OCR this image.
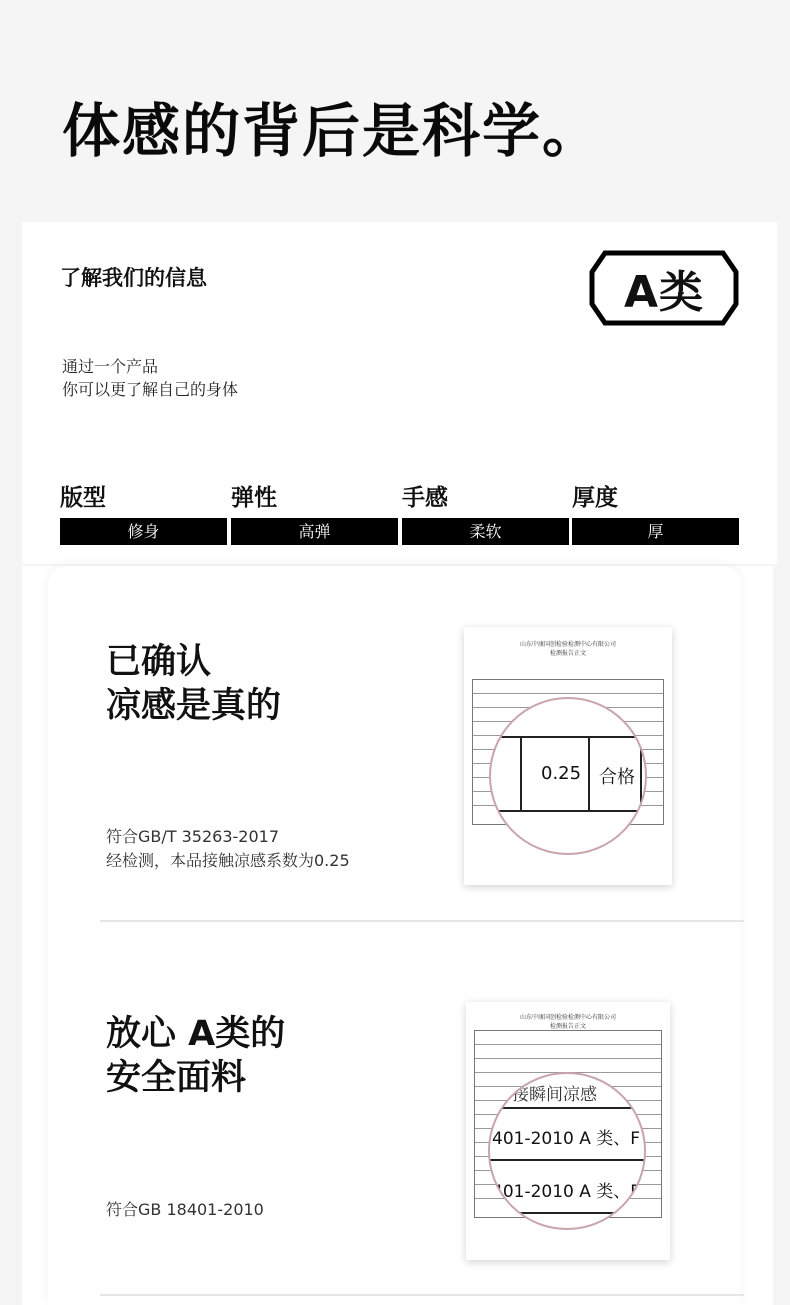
体感的背后是科学。
了解我们的信息
通过一个产品
你可以更了解自己的身体
A类
版型
修身
弹性
高弹
手感
柔软
厚度
厚
已确认
凉感是真的
符合GB/T 35263-2017
经检测，本品接触凉感系数为0.25
山东中康国创检验检测中心有限公司
检测报告正文
0.25 合格
放心 A类的
安全面料
符合GB 18401-2010
山东中康国创检验检测中心有限公司
检测报告正文
接瞬间凉感
401-2010 A 类、F
401-2010 A 类、F
